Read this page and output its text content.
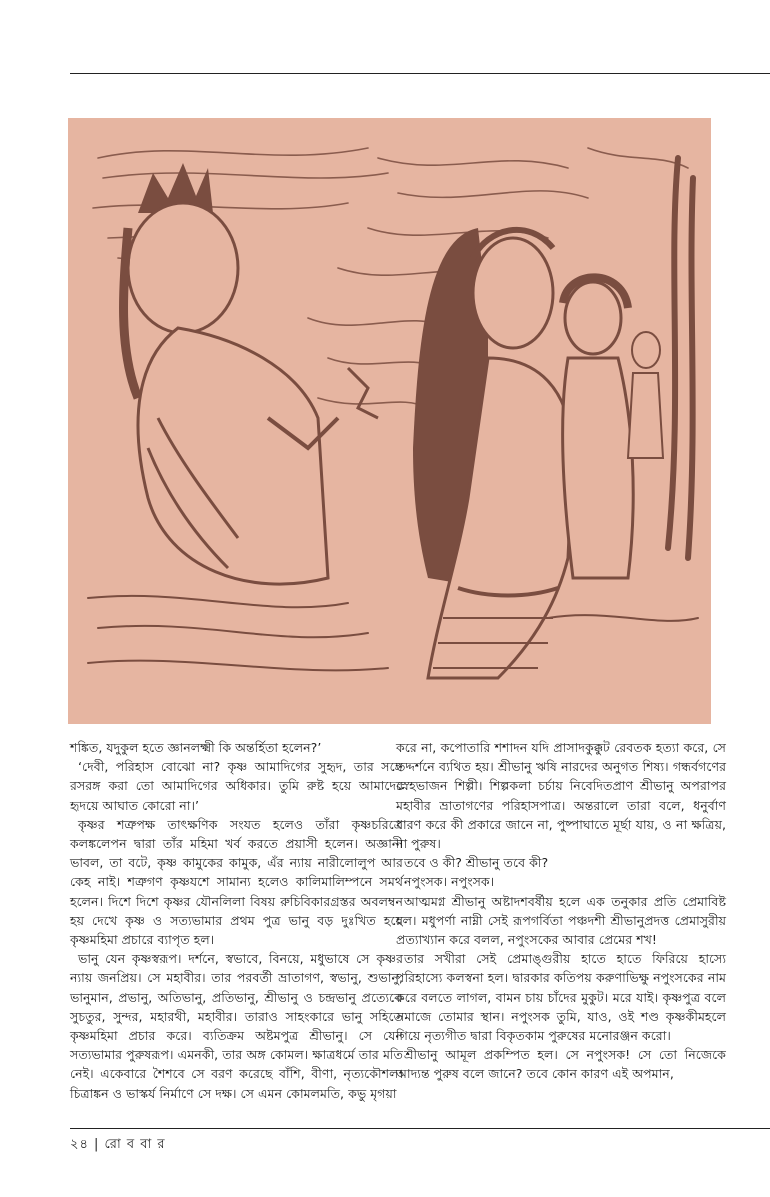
শঙ্কিত, যদুকুল হতে জ্ঞানলক্ষ্মী কি অন্তর্হিতা হলেন?’

‘দেবী, পরিহাস বোঝো না? কৃষ্ণ আমাদিগের সুহৃদ, তার সঙ্গে রসরঙ্গ করা তো আমাদিগের অধিকার। তুমি রুষ্ট হয়ে আমাদের হৃদয়ে আঘাত কোরো না।’

কৃষ্ণর শত্রুপক্ষ তাৎক্ষণিক সংযত হলেও তাঁরা কৃষ্ণচরিত্রে কলঙ্কলেপন দ্বারা তাঁর মহিমা খর্ব করতে প্রয়াসী হলেন। অজ্ঞানী ভাবল, তা বটে, কৃষ্ণ কামুকের কামুক, এঁর ন্যায় নারীলোলুপ আর কেহ নাই। শত্রুগণ কৃষ্ণযশে সামান্য হলেও কালিমালিম্পনে সমর্থ হলেন। দিশে দিশে কৃষ্ণর যৌনলিলা বিষয় রুচিবিকারগ্রস্তর অবলম্বন হয় দেখে কৃষ্ণ ও সত্যভামার প্রথম পুত্র ভানু বড় দুঃখিত হয়ে কৃষ্ণমহিমা প্রচারে ব্যাপৃত হল।

ভানু যেন কৃষ্ণস্বরূপ। দর্শনে, স্বভাবে, বিনয়ে, মধুভাষে সে কৃষ্ণর ন্যায় জনপ্রিয়। সে মহাবীর। তার পরবর্তী ভ্রাতাগণ, স্বভানু, শুভানু, ভানুমান, প্রভানু, অতিভানু, প্রতিভানু, শ্রীভানু ও চন্দ্রভানু প্রত্যেকে সুচতুর, সুন্দর, মহারথী, মহাবীর। তারাও সাহংকারে ভানু সহিতে কৃষ্ণমহিমা প্রচার করে। ব্যতিক্রম অষ্টমপুত্র শ্রীভানু। সে যেন সত্যভামার পুরুষরূপ। এমনকী, তার অঙ্গ কোমল। ক্ষাত্রধর্মে তার মতি নেই। একেবারে শৈশবে সে বরণ করেছে বাঁশি, বীণা, নৃত্যকৌশল। চিত্রাঙ্কন ও ভাস্কর্য নির্মাণে সে দক্ষ। সে এমন কোমলমতি, কভু মৃগয়া

করে না, কপোতারি শশাদন যদি প্রাসাদকুক্কুট রেবতক হত্যা করে, সে তদ্দর্শনে ব্যথিত হয়। শ্রীভানু ঋষি নারদের অনুগত শিষ্য। গন্ধর্বগণের স্নেহভাজন শিল্পী। শিল্পকলা চর্চায় নিবেদিতপ্রাণ শ্রীভানু অপরাপর মহাবীর ভ্রাতাগণের পরিহাসপাত্র। অন্তরালে তারা বলে, ধনুর্বাণ ধারণ করে কী প্রকারে জানে না, পুষ্পাঘাতে মূর্ছা যায়, ও না ক্ষত্রিয়, না পুরুষ।

তবে ও কী? শ্রীভানু তবে কী?

নপুংসক। নপুংসক।

আত্মমগ্ন শ্রীভানু অষ্টাদশবর্ষীয় হলে এক তনুকার প্রতি প্রেমাবিষ্ট হল। মধুপর্ণা নাম্নী সেই রূপগর্বিতা পঞ্চদশী শ্রীভানুপ্রদত্ত প্রেমাসুরীয় প্রত্যাখ্যান করে বলল, নপুংসকের আবার প্রেমের শখ!

তার সখীরা সেই প্রেমাঙ্গুরীয় হাতে হাতে ফিরিয়ে হাস্যে পরিহাস্যে কলস্বনা হল। দ্বারকার কতিপয় করুণাভিক্ষু নপুংসকের নাম করে বলতে লাগল, বামন চায় চাঁদের মুকুট। মরে যাই। কৃষ্ণপুত্র বলে সমাজে তোমার স্থান। নপুংসক তুমি, যাও, ওই শণ্ড কৃষ্ণকীমহলে গিয়ে নৃত্যগীত দ্বারা বিকৃতকাম পুরুষের মনোরঞ্জন করো।

শ্রীভানু আমূল প্রকম্পিত হল। সে নপুংসক! সে তো নিজেকে আদ্যন্ত পুরুষ বলে জানে? তবে কোন কারণ এই অপমান,

২৪ | রো ব বা র
